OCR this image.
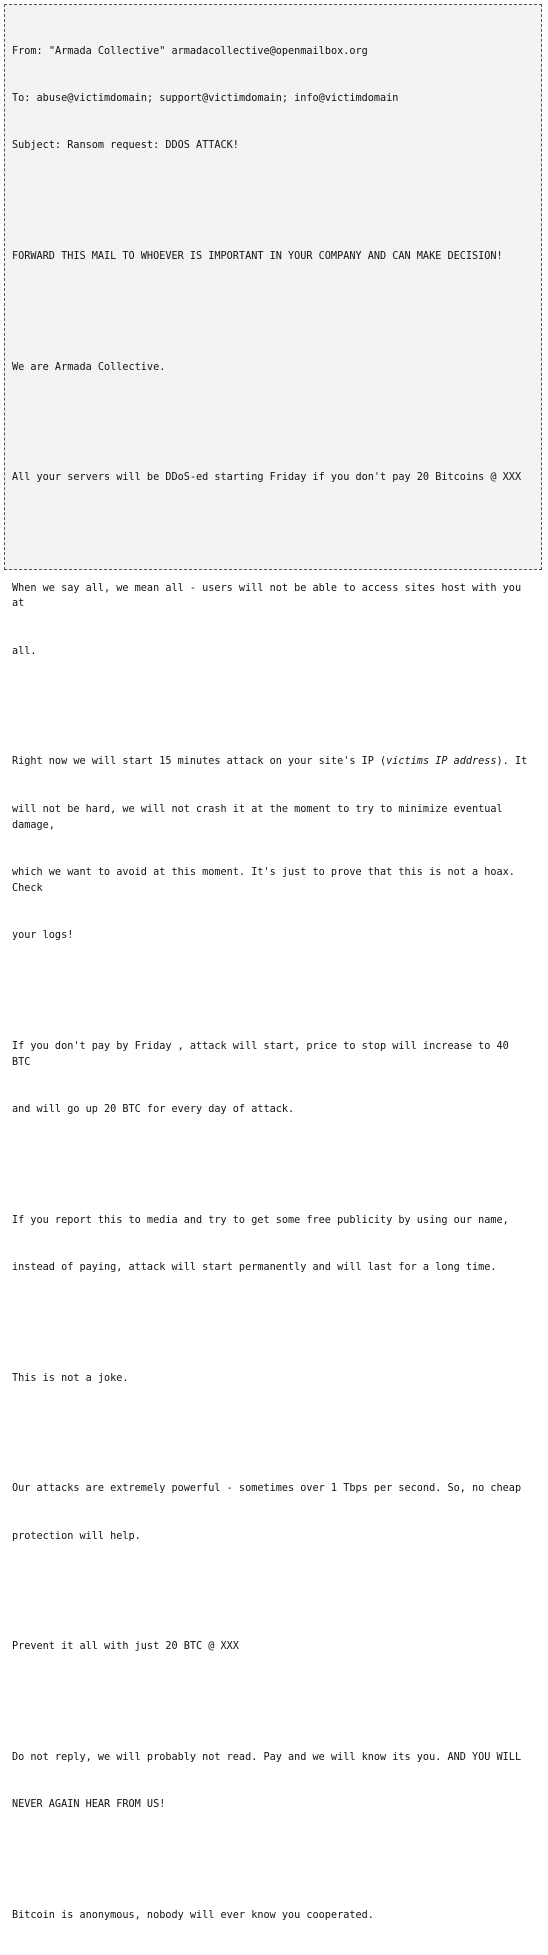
From: "Armada Collective" armadacollective@openmailbox.org

To: abuse@victimdomain; support@victimdomain; info@victimdomain

Subject: Ransom request: DDOS ATTACK!

FORWARD THIS MAIL TO WHOEVER IS IMPORTANT IN YOUR COMPANY AND CAN MAKE DECISION!

We are Armada Collective.

All your servers will be DDoS-ed starting Friday if you don't pay 20 Bitcoins @ XXX

When we say all, we mean all - users will not be able to access sites host with you at

all.

Right now we will start 15 minutes attack on your site's IP (victims IP address). It

will not be hard, we will not crash it at the moment to try to minimize eventual damage,

which we want to avoid at this moment. It's just to prove that this is not a hoax. Check

your logs!

If you don't pay by Friday , attack will start, price to stop will increase to 40 BTC

and will go up 20 BTC for every day of attack.

If you report this to media and try to get some free publicity by using our name,

instead of paying, attack will start permanently and will last for a long time.

This is not a joke.

Our attacks are extremely powerful - sometimes over 1 Tbps per second. So, no cheap

protection will help.

Prevent it all with just 20 BTC @ XXX

Do not reply, we will probably not read. Pay and we will know its you. AND YOU WILL

NEVER AGAIN HEAR FROM US!

Bitcoin is anonymous, nobody will ever know you cooperated.
